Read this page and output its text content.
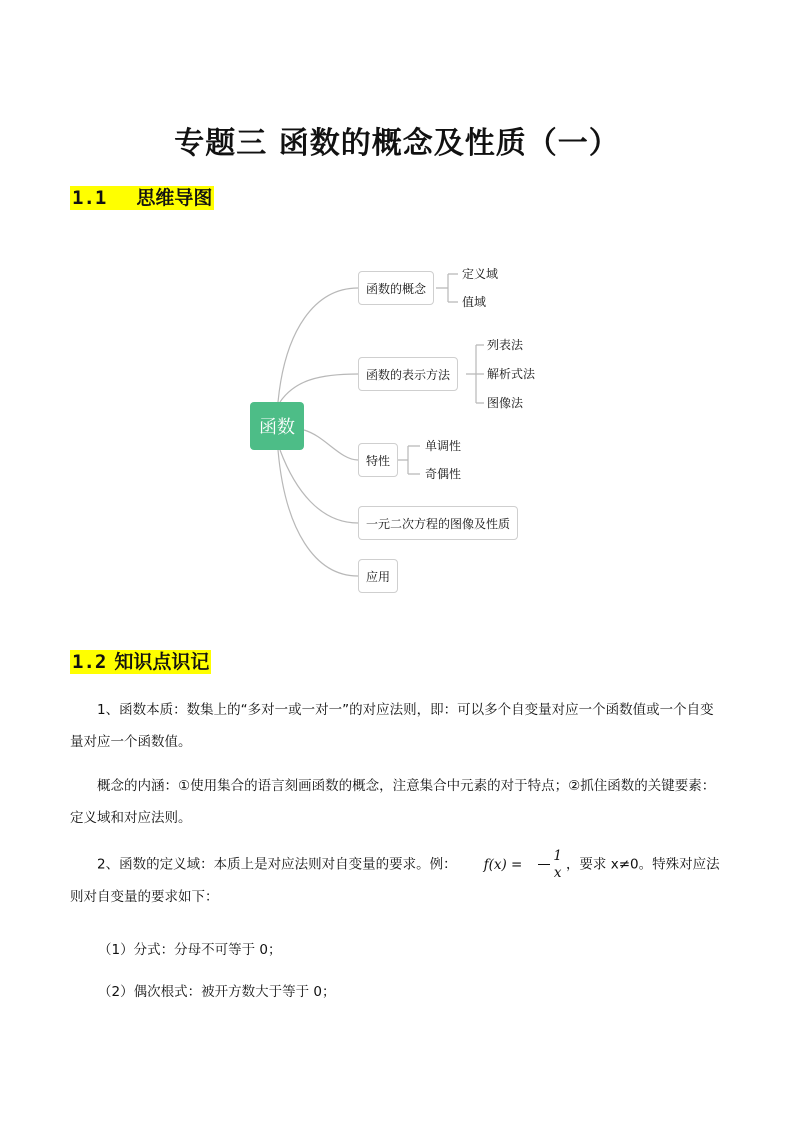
专题三 函数的概念及性质（一）
1.1 思维导图
函数
函数的概念
定义域
值域
函数的表示方法
列表法
解析式法
图像法
特性
单调性
奇偶性
一元二次方程的图像及性质
应用
1.2 知识点识记
1、函数本质：数集上的“多对一或一对一”的对应法则，即：可以多个自变量对应一个函数值或一个自变量对应一个函数值。
概念的内涵：①使用集合的语言刻画函数的概念，注意集合中元素的对于特点；②抓住函数的关键要素：定义域和对应法则。
2、函数的定义域：本质上是对应法则对自变量的要求。例： $f(x) = \frac{1}{x}$ ，要求 x≠0。特殊对应法则对自变量的要求如下：
（1）分式：分母不可等于 0；
（2）偶次根式：被开方数大于等于 0；
